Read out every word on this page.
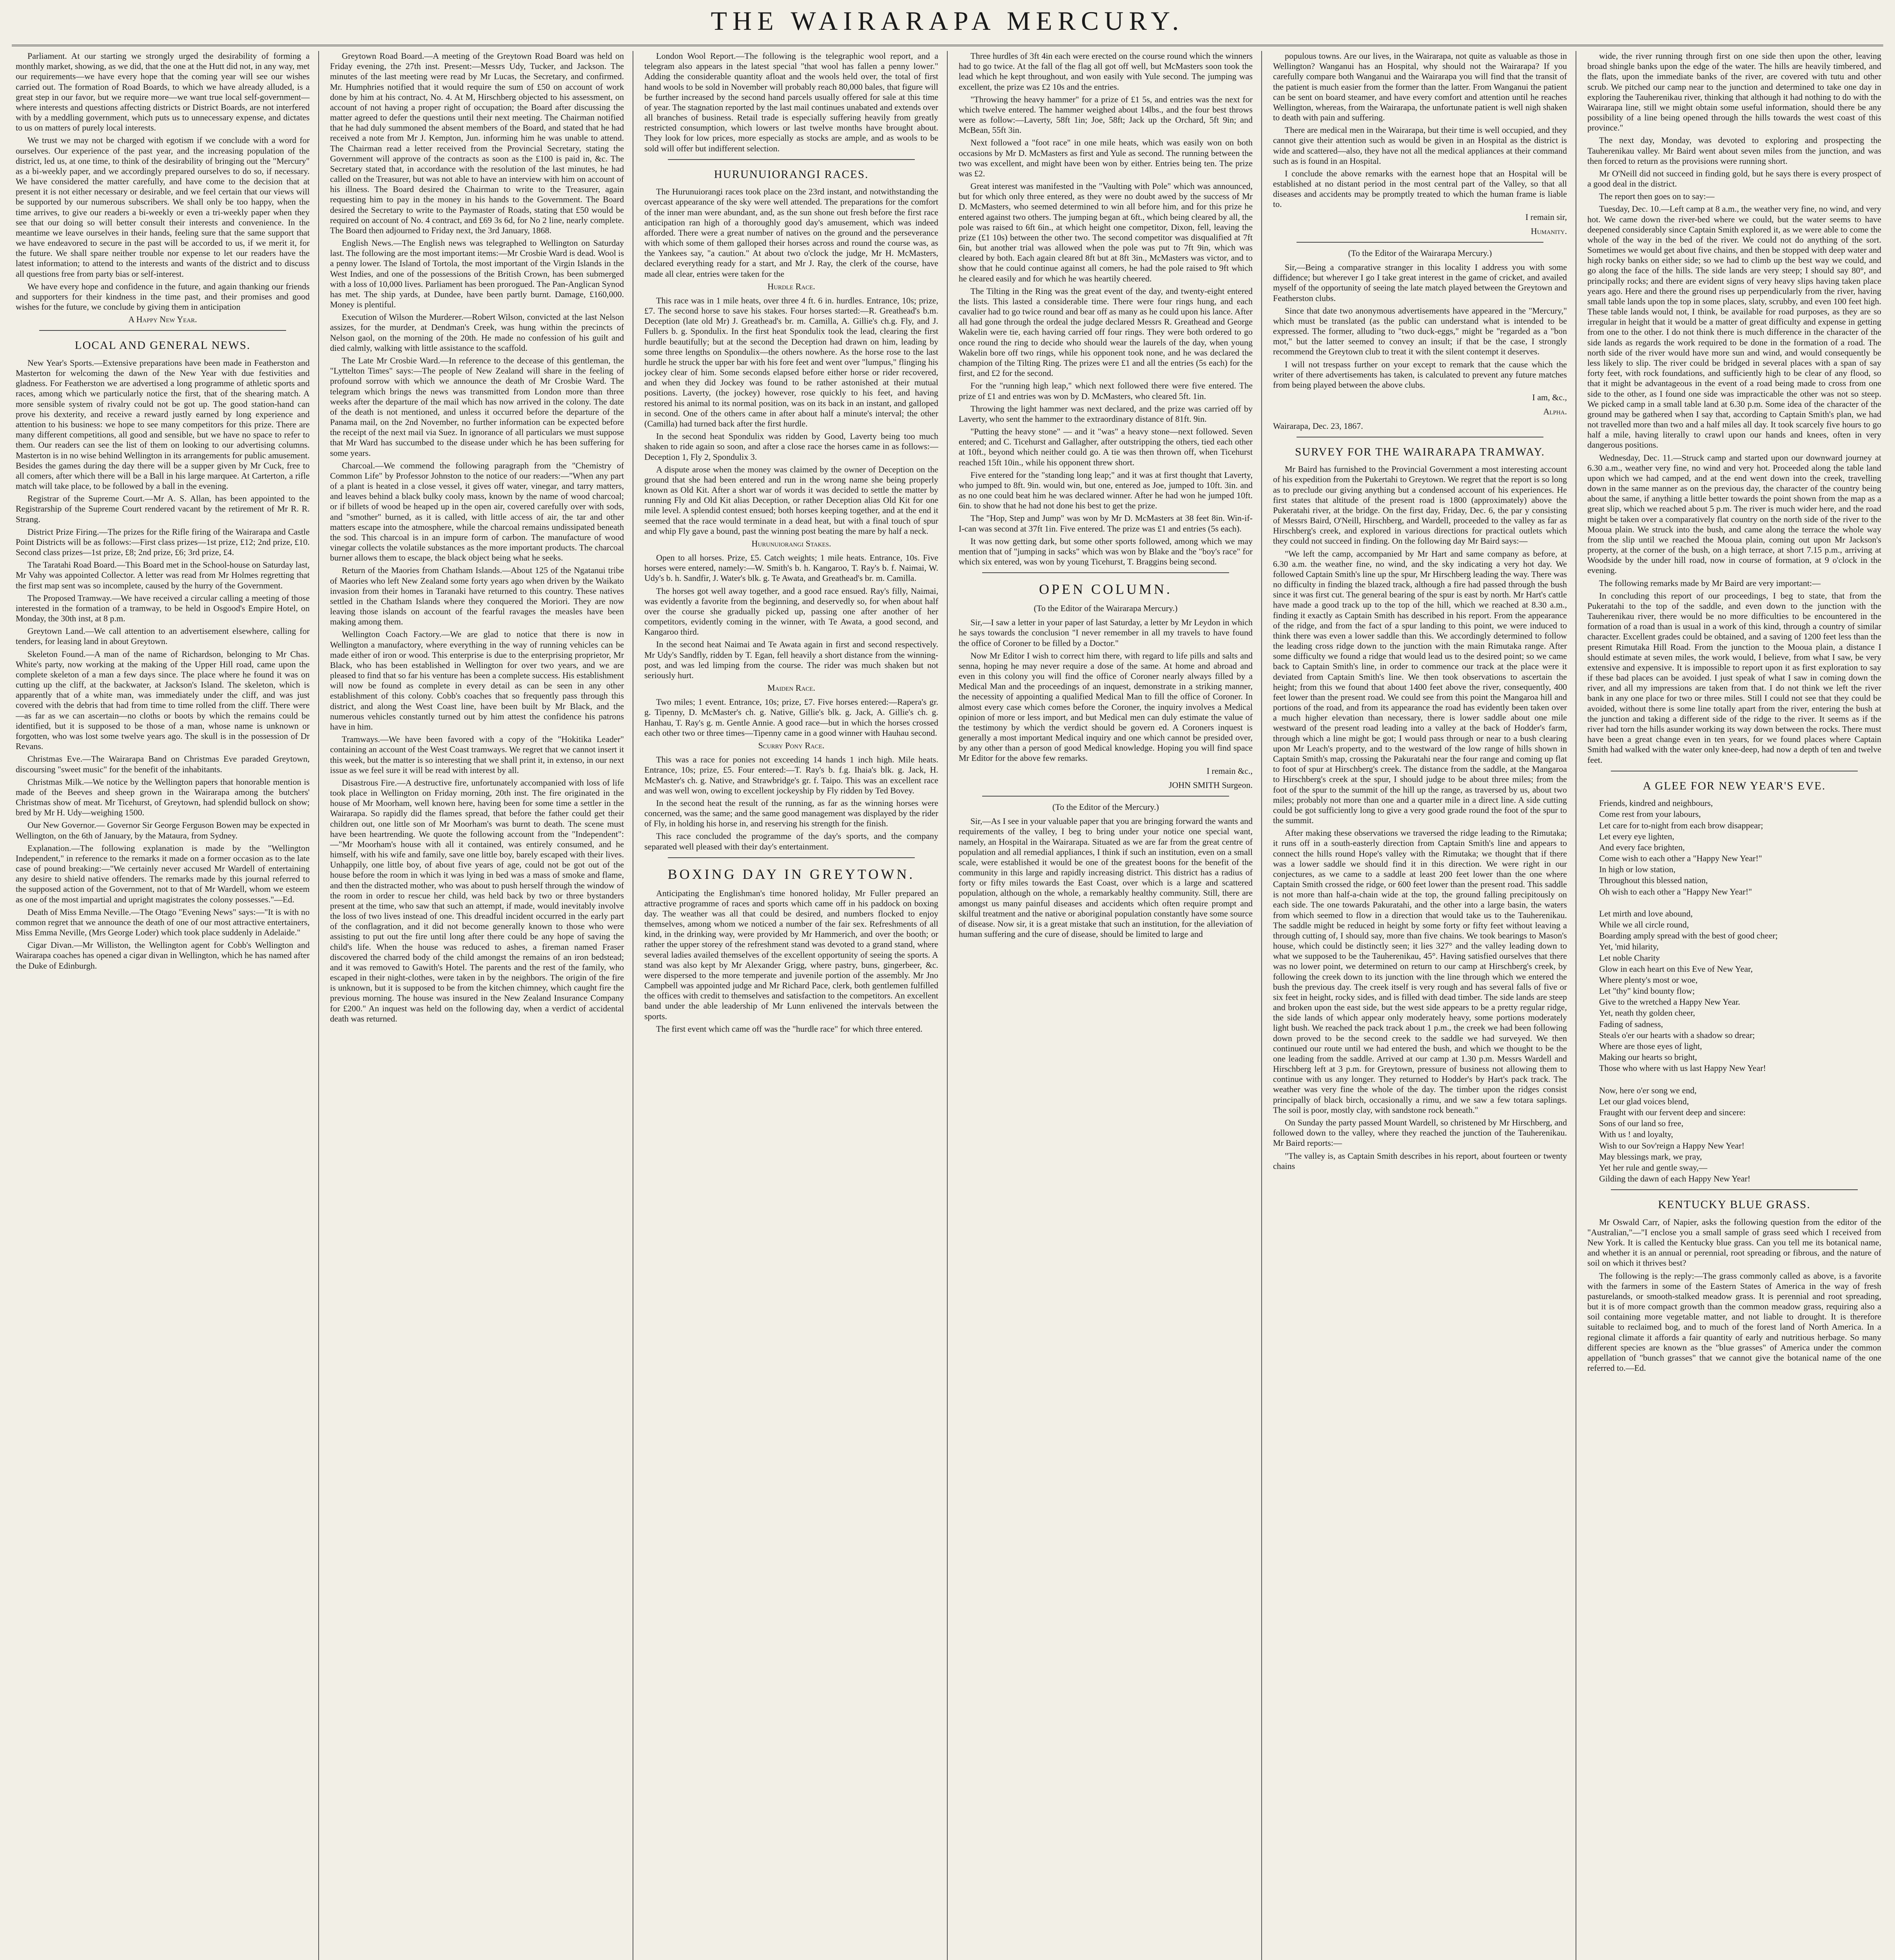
THE WAIRARAPA MERCURY.

Parliament. At our starting we strongly urged the desirability of forming a monthly market, showing, as we did, that the one at the Hutt did not, in any way, met our requirements—we have every hope that the coming year will see our wishes carried out. The formation of Road Boards, to which we have already alluded, is a great step in our favor, but we require more—we want true local self-government—where interests and questions affecting districts or District Boards, are not interfered with by a meddling government, which puts us to unnecessary expense, and dictates to us on matters of purely local interests.

We trust we may not be charged with egotism if we conclude with a word for ourselves. Our experience of the past year, and the increasing population of the district, led us, at one time, to think of the desirability of bringing out the "Mercury" as a bi-weekly paper, and we accordingly prepared ourselves to do so, if necessary. We have considered the matter carefully, and have come to the decision that at present it is not either necessary or desirable, and we feel certain that our views will be supported by our numerous subscribers. We shall only be too happy, when the time arrives, to give our readers a bi-weekly or even a tri-weekly paper when they see that our doing so will better consult their interests and convenience. In the meantime we leave ourselves in their hands, feeling sure that the same support that we have endeavored to secure in the past will be accorded to us, if we merit it, for the future. We shall spare neither trouble nor expense to let our readers have the latest information; to attend to the interests and wants of the district and to discuss all questions free from party bias or self-interest.

We have every hope and confidence in the future, and again thanking our friends and supporters for their kindness in the time past, and their promises and good wishes for the future, we conclude by giving them in anticipation

A Happy New Year.
LOCAL AND GENERAL NEWS.

New Year's Sports.—Extensive preparations have been made in Featherston and Masterton for welcoming the dawn of the New Year with due festivities and gladness. For Featherston we are advertised a long programme of athletic sports and races, among which we particularly notice the first, that of the shearing match. A more sensible system of rivalry could not be got up. The good station-hand can prove his dexterity, and receive a reward justly earned by long experience and attention to his business: we hope to see many competitors for this prize. There are many different competitions, all good and sensible, but we have no space to refer to them. Our readers can see the list of them on looking to our advertising columns. Masterton is in no wise behind Wellington in its arrangements for public amusement. Besides the games during the day there will be a supper given by Mr Cuck, free to all comers, after which there will be a Ball in his large marquee. At Carterton, a rifle match will take place, to be followed by a ball in the evening.

Registrar of the Supreme Court.—Mr A. S. Allan, has been appointed to the Registrarship of the Supreme Court rendered vacant by the retirement of Mr R. R. Strang.

District Prize Firing.—The prizes for the Rifle firing of the Wairarapa and Castle Point Districts will be as follows:—First class prizes—1st prize, £12; 2nd prize, £10. Second class prizes—1st prize, £8; 2nd prize, £6; 3rd prize, £4.

The Taratahi Road Board.—This Board met in the School-house on Saturday last, Mr Vahy was appointed Collector. A letter was read from Mr Holmes regretting that the first map sent was so incomplete, caused by the hurry of the Government.

The Proposed Tramway.—We have received a circular calling a meeting of those interested in the formation of a tramway, to be held in Osgood's Empire Hotel, on Monday, the 30th inst, at 8 p.m.

Greytown Land.—We call attention to an advertisement elsewhere, calling for tenders, for leasing land in about Greytown.

Skeleton Found.—A man of the name of Richardson, belonging to Mr Chas. White's party, now working at the making of the Upper Hill road, came upon the complete skeleton of a man a few days since. The place where he found it was on cutting up the cliff, at the backwater, at Jackson's Island. The skeleton, which is apparently that of a white man, was immediately under the cliff, and was just covered with the debris that had from time to time rolled from the cliff. There were—as far as we can ascertain—no cloths or boots by which the remains could be identified, but it is supposed to be those of a man, whose name is unknown or forgotten, who was lost some twelve years ago. The skull is in the possession of Dr Revans.

Christmas Eve.—The Wairarapa Band on Christmas Eve paraded Greytown, discoursing "sweet music" for the benefit of the inhabitants.

Christmas Milk.—We notice by the Wellington papers that honorable mention is made of the Beeves and sheep grown in the Wairarapa among the butchers' Christmas show of meat. Mr Ticehurst, of Greytown, had splendid bullock on show; bred by Mr H. Udy—weighing 1500.

Our New Governor.— Governor Sir George Ferguson Bowen may be expected in Wellington, on the 6th of January, by the Mataura, from Sydney.

Explanation.—The following explanation is made by the "Wellington Independent," in reference to the remarks it made on a former occasion as to the late case of pound breaking:—"We certainly never accused Mr Wardell of entertaining any desire to shield native offenders. The remarks made by this journal referred to the supposed action of the Government, not to that of Mr Wardell, whom we esteem as one of the most impartial and upright magistrates the colony possesses."—Ed.

Death of Miss Emma Neville.—The Otago "Evening News" says:—"It is with no common regret that we announce the death of one of our most attractive entertainers, Miss Emma Neville, (Mrs George Loder) which took place suddenly in Adelaide."

Cigar Divan.—Mr Williston, the Wellington agent for Cobb's Wellington and Wairarapa coaches has opened a cigar divan in Wellington, which he has named after the Duke of Edinburgh.

Greytown Road Board.—A meeting of the Greytown Road Board was held on Friday evening, the 27th inst. Present:—Messrs Udy, Tucker, and Jackson. The minutes of the last meeting were read by Mr Lucas, the Secretary, and confirmed. Mr. Humphries notified that it would require the sum of £50 on account of work done by him at his contract, No. 4. At M, Hirschberg objected to his assessment, on account of not having a proper right of occupation; the Board after discussing the matter agreed to defer the questions until their next meeting. The Chairman notified that he had duly summoned the absent members of the Board, and stated that he had received a note from Mr J. Kempton, Jun. informing him he was unable to attend. The Chairman read a letter received from the Provincial Secretary, stating the Government will approve of the contracts as soon as the £100 is paid in, &c. The Secretary stated that, in accordance with the resolution of the last minutes, he had called on the Treasurer, but was not able to have an interview with him on account of his illness. The Board desired the Chairman to write to the Treasurer, again requesting him to pay in the money in his hands to the Government. The Board desired the Secretary to write to the Paymaster of Roads, stating that £50 would be required on account of No. 4 contract, and £69 3s 6d, for No 2 line, nearly complete. The Board then adjourned to Friday next, the 3rd January, 1868.

English News.—The English news was telegraphed to Wellington on Saturday last. The following are the most important items:—Mr Crosbie Ward is dead. Wool is a penny lower. The Island of Tortola, the most important of the Virgin Islands in the West Indies, and one of the possessions of the British Crown, has been submerged with a loss of 10,000 lives. Parliament has been prorogued. The Pan-Anglican Synod has met. The ship yards, at Dundee, have been partly burnt. Damage, £160,000. Money is plentiful.

Execution of Wilson the Murderer.—Robert Wilson, convicted at the last Nelson assizes, for the murder, at Dendman's Creek, was hung within the precincts of Nelson gaol, on the morning of the 20th. He made no confession of his guilt and died calmly, walking with little assistance to the scaffold.

The Late Mr Crosbie Ward.—In reference to the decease of this gentleman, the "Lyttelton Times" says:—The people of New Zealand will share in the feeling of profound sorrow with which we announce the death of Mr Crosbie Ward. The telegram which brings the news was transmitted from London more than three weeks after the departure of the mail which has now arrived in the colony. The date of the death is not mentioned, and unless it occurred before the departure of the Panama mail, on the 2nd November, no further information can be expected before the receipt of the next mail via Suez. In ignorance of all particulars we must suppose that Mr Ward has succumbed to the disease under which he has been suffering for some years.

Charcoal.—We commend the following paragraph from the "Chemistry of Common Life" by Professor Johnston to the notice of our readers:—"When any part of a plant is heated in a close vessel, it gives off water, vinegar, and tarry matters, and leaves behind a black bulky cooly mass, known by the name of wood charcoal; or if billets of wood be heaped up in the open air, covered carefully over with sods, and "smother" burned, as it is called, with little access of air, the tar and other matters escape into the atmosphere, while the charcoal remains undissipated beneath the sod. This charcoal is in an impure form of carbon. The manufacture of wood vinegar collects the volatile substances as the more important products. The charcoal burner allows them to escape, the black object being what he seeks.

Return of the Maories from Chatham Islands.—About 125 of the Ngatanui tribe of Maories who left New Zealand some forty years ago when driven by the Waikato invasion from their homes in Taranaki have returned to this country. These natives settled in the Chatham Islands where they conquered the Moriori. They are now leaving those islands on account of the fearful ravages the measles have been making among them.

Wellington Coach Factory.—We are glad to notice that there is now in Wellington a manufactory, where everything in the way of running vehicles can be made either of iron or wood. This enterprise is due to the enterprising proprietor, Mr Black, who has been established in Wellington for over two years, and we are pleased to find that so far his venture has been a complete success. His establishment will now be found as complete in every detail as can be seen in any other establishment of this colony. Cobb's coaches that so frequently pass through this district, and along the West Coast line, have been built by Mr Black, and the numerous vehicles constantly turned out by him attest the confidence his patrons have in him.

Tramways.—We have been favored with a copy of the "Hokitika Leader" containing an account of the West Coast tramways. We regret that we cannot insert it this week, but the matter is so interesting that we shall print it, in extenso, in our next issue as we feel sure it will be read with interest by all.

Disastrous Fire.—A destructive fire, unfortunately accompanied with loss of life took place in Wellington on Friday morning, 20th inst. The fire originated in the house of Mr Moorham, well known here, having been for some time a settler in the Wairarapa. So rapidly did the flames spread, that before the father could get their children out, one little son of Mr Moorham's was burnt to death. The scene must have been heartrending. We quote the following account from the "Independent":—"Mr Moorham's house with all it contained, was entirely consumed, and he himself, with his wife and family, save one little boy, barely escaped with their lives. Unhappily, one little boy, of about five years of age, could not be got out of the house before the room in which it was lying in bed was a mass of smoke and flame, and then the distracted mother, who was about to push herself through the window of the room in order to rescue her child, was held back by two or three bystanders present at the time, who saw that such an attempt, if made, would inevitably involve the loss of two lives instead of one. This dreadful incident occurred in the early part of the conflagration, and it did not become generally known to those who were assisting to put out the fire until long after there could be any hope of saving the child's life. When the house was reduced to ashes, a fireman named Fraser discovered the charred body of the child amongst the remains of an iron bedstead; and it was removed to Gawith's Hotel. The parents and the rest of the family, who escaped in their night-clothes, were taken in by the neighbors. The origin of the fire is unknown, but it is supposed to be from the kitchen chimney, which caught fire the previous morning. The house was insured in the New Zealand Insurance Company for £200." An inquest was held on the following day, when a verdict of accidental death was returned.

London Wool Report.—The following is the telegraphic wool report, and a telegram also appears in the latest special "that wool has fallen a penny lower." Adding the considerable quantity afloat and the wools held over, the total of first hand wools to be sold in November will probably reach 80,000 bales, that figure will be further increased by the second hand parcels usually offered for sale at this time of year. The stagnation reported by the last mail continues unabated and extends over all branches of business. Retail trade is especially suffering heavily from greatly restricted consumption, which lowers or last twelve months have brought about. They look for low prices, more especially as stocks are ample, and as wools to be sold will offer but indifferent selection.

HURUNUIORANGI RACES.

The Hurunuiorangi races took place on the 23rd instant, and notwithstanding the overcast appearance of the sky were well attended. The preparations for the comfort of the inner man were abundant, and, as the sun shone out fresh before the first race anticipation ran high of a thoroughly good day's amusement, which was indeed afforded. There were a great number of natives on the ground and the perseverance with which some of them galloped their horses across and round the course was, as the Yankees say, "a caution." At about two o'clock the judge, Mr H. McMasters, declared everything ready for a start, and Mr J. Ray, the clerk of the course, have made all clear, entries were taken for the

Hurdle Race.

This race was in 1 mile heats, over three 4 ft. 6 in. hurdles. Entrance, 10s; prize, £7. The second horse to save his stakes. Four horses started:—R. Greathead's b.m. Deception (late old Mr) J. Greathead's br. m. Camilla, A. Gillie's ch.g. Fly, and J. Fullers b. g. Spondulix. In the first heat Spondulix took the lead, clearing the first hurdle beautifully; but at the second the Deception had drawn on him, leading by some three lengths on Spondulix—the others nowhere. As the horse rose to the last hurdle he struck the upper bar with his fore feet and went over "lumpus," flinging his jockey clear of him. Some seconds elapsed before either horse or rider recovered, and when they did Jockey was found to be rather astonished at their mutual positions. Laverty, (the jockey) however, rose quickly to his feet, and having restored his animal to its normal position, was on its back in an instant, and galloped in second. One of the others came in after about half a minute's interval; the other (Camilla) had turned back after the first hurdle.

In the second heat Spondulix was ridden by Good, Laverty being too much shaken to ride again so soon, and after a close race the horses came in as follows:—Deception 1, Fly 2, Spondulix 3.

A dispute arose when the money was claimed by the owner of Deception on the ground that she had been entered and run in the wrong name she being properly known as Old Kit. After a short war of words it was decided to settle the matter by running Fly and Old Kit alias Deception, or rather Deception alias Old Kit for one mile level. A splendid contest ensued; both horses keeping together, and at the end it seemed that the race would terminate in a dead heat, but with a final touch of spur and whip Fly gave a bound, past the winning post beating the mare by half a neck.

Hurunuiorangi Stakes.

Open to all horses. Prize, £5. Catch weights; 1 mile heats. Entrance, 10s. Five horses were entered, namely:—W. Smith's b. h. Kangaroo, T. Ray's b. f. Naimai, W. Udy's b. h. Sandfir, J. Water's blk. g. Te Awata, and Greathead's br. m. Camilla.

The horses got well away together, and a good race ensued. Ray's filly, Naimai, was evidently a favorite from the beginning, and deservedly so, for when about half over the course she gradually picked up, passing one after another of her competitors, evidently coming in the winner, with Te Awata, a good second, and Kangaroo third.

In the second heat Naimai and Te Awata again in first and second respectively. Mr Udy's Sandfly, ridden by T. Egan, fell heavily a short distance from the winning-post, and was led limping from the course. The rider was much shaken but not seriously hurt.

Maiden Race.

Two miles; 1 event. Entrance, 10s; prize, £7. Five horses entered:—Rapera's gr. g. Tipenny, D. McMaster's ch. g. Native, Gillie's blk. g. Jack, A. Gillie's ch. g. Hanhau, T. Ray's g. m. Gentle Annie. A good race—but in which the horses crossed each other two or three times—Tipenny came in a good winner with Hauhau second.

Scurry Pony Race.

This was a race for ponies not exceeding 14 hands 1 inch high. Mile heats. Entrance, 10s; prize, £5. Four entered:—T. Ray's b. f.g. Ihaia's blk. g. Jack, H. McMaster's ch. g. Native, and Strawbridge's gr. f. Taipo. This was an excellent race and was well won, owing to excellent jockeyship by Fly ridden by Ted Bovey.

In the second heat the result of the running, as far as the winning horses were concerned, was the same; and the same good management was displayed by the rider of Fly, in holding his horse in, and reserving his strength for the finish.

This race concluded the programme of the day's sports, and the company separated well pleased with their day's entertainment.

BOXING DAY IN GREYTOWN.

Anticipating the Englishman's time honored holiday, Mr Fuller prepared an attractive programme of races and sports which came off in his paddock on boxing day. The weather was all that could be desired, and numbers flocked to enjoy themselves, among whom we noticed a number of the fair sex. Refreshments of all kind, in the drinking way, were provided by Mr Hammerich, and over the booth; or rather the upper storey of the refreshment stand was devoted to a grand stand, where several ladies availed themselves of the excellent opportunity of seeing the sports. A stand was also kept by Mr Alexander Grigg, where pastry, buns, gingerbeer, &c. were dispersed to the more temperate and juvenile portion of the assembly. Mr Jno Campbell was appointed judge and Mr Richard Pace, clerk, both gentlemen fulfilled the offices with credit to themselves and satisfaction to the competitors. An excellent band under the able leadership of Mr Lunn enlivened the intervals between the sports.

The first event which came off was the "hurdle race" for which three entered.

Three hurdles of 3ft 4in each were erected on the course round which the winners had to go twice. At the fall of the flag all got off well, but McMasters soon took the lead which he kept throughout, and won easily with Yule second. The jumping was excellent, the prize was £2 10s and the entries.

"Throwing the heavy hammer" for a prize of £1 5s, and entries was the next for which twelve entered. The hammer weighed about 14lbs., and the four best throws were as follow:—Laverty, 58ft 1in; Joe, 58ft; Jack up the Orchard, 5ft 9in; and McBean, 55ft 3in.

Next followed a "foot race" in one mile heats, which was easily won on both occasions by Mr D. McMasters as first and Yule as second. The running between the two was excellent, and might have been won by either. Entries being ten. The prize was £2.

Great interest was manifested in the "Vaulting with Pole" which was announced, but for which only three entered, as they were no doubt awed by the success of Mr D. McMasters, who seemed determined to win all before him, and for this prize he entered against two others. The jumping began at 6ft., which being cleared by all, the pole was raised to 6ft 6in., at which height one competitor, Dixon, fell, leaving the prize (£1 10s) between the other two. The second competitor was disqualified at 7ft 6in, but another trial was allowed when the pole was put to 7ft 9in, which was cleared by both. Each again cleared 8ft but at 8ft 3in., McMasters was victor, and to show that he could continue against all comers, he had the pole raised to 9ft which he cleared easily and for which he was heartily cheered.

The Tilting in the Ring was the great event of the day, and twenty-eight entered the lists. This lasted a considerable time. There were four rings hung, and each cavalier had to go twice round and bear off as many as he could upon his lance. After all had gone through the ordeal the judge declared Messrs R. Greathead and George Wakelin were tie, each having carried off four rings. They were both ordered to go once round the ring to decide who should wear the laurels of the day, when young Wakelin bore off two rings, while his opponent took none, and he was declared the champion of the Tilting Ring. The prizes were £1 and all the entries (5s each) for the first, and £2 for the second.

For the "running high leap," which next followed there were five entered. The prize of £1 and entries was won by D. McMasters, who cleared 5ft. 1in.

Throwing the light hammer was next declared, and the prize was carried off by Laverty, who sent the hammer to the extraordinary distance of 81ft. 9in.

"Putting the heavy stone" — and it "was" a heavy stone—next followed. Seven entered; and C. Ticehurst and Gallagher, after outstripping the others, tied each other at 10ft., beyond which neither could go. A tie was then thrown off, when Ticehurst reached 15ft 10in., while his opponent threw short.

Five entered for the "standing long leap;" and it was at first thought that Laverty, who jumped to 8ft. 9in. would win, but one, entered as Joe, jumped to 10ft. 3in. and as no one could beat him he was declared winner. After he had won he jumped 10ft. 6in. to show that he had not done his best to get the prize.

The "Hop, Step and Jump" was won by Mr D. McMasters at 38 feet 8in. Win-if-I-can was second at 37ft 1in. Five entered. The prize was £1 and entries (5s each).

It was now getting dark, but some other sports followed, among which we may mention that of "jumping in sacks" which was won by Blake and the "boy's race" for which six entered, was won by young Ticehurst, T. Braggins being second.

OPEN COLUMN.
(To the Editor of the Wairarapa Mercury.)

Sir,—I saw a letter in your paper of last Saturday, a letter by Mr Leydon in which he says towards the conclusion "I never remember in all my travels to have found the office of Coroner to be filled by a Doctor."

Now Mr Editor I wish to correct him there, with regard to life pills and salts and senna, hoping he may never require a dose of the same. At home and abroad and even in this colony you will find the office of Coroner nearly always filled by a Medical Man and the proceedings of an inquest, demonstrate in a striking manner, the necessity of appointing a qualified Medical Man to fill the office of Coroner. In almost every case which comes before the Coroner, the inquiry involves a Medical opinion of more or less import, and but Medical men can duly estimate the value of the testimony by which the verdict should be govern ed. A Coroners inquest is generally a most important Medical inquiry and one which cannot be presided over, by any other than a person of good Medical knowledge. Hoping you will find space Mr Editor for the above few remarks.

I remain &c.,
JOHN SMITH Surgeon.
(To the Editor of the Mercury.)

Sir,—As I see in your valuable paper that you are bringing forward the wants and requirements of the valley, I beg to bring under your notice one special want, namely, an Hospital in the Wairarapa. Situated as we are far from the great centre of population and all remedial appliances, I think if such an institution, even on a small scale, were established it would be one of the greatest boons for the benefit of the community in this large and rapidly increasing district. This district has a radius of forty or fifty miles towards the East Coast, over which is a large and scattered population, although on the whole, a remarkably healthy community. Still, there are amongst us many painful diseases and accidents which often require prompt and skilful treatment and the native or aboriginal population constantly have some source of disease. Now sir, it is a great mistake that such an institution, for the alleviation of human suffering and the cure of disease, should be limited to large and

populous towns. Are our lives, in the Wairarapa, not quite as valuable as those in Wellington? Wanganui has an Hospital, why should not the Wairarapa? If you carefully compare both Wanganui and the Wairarapa you will find that the transit of the patient is much easier from the former than the latter. From Wanganui the patient can be sent on board steamer, and have every comfort and attention until he reaches Wellington, whereas, from the Wairarapa, the unfortunate patient is well nigh shaken to death with pain and suffering.

There are medical men in the Wairarapa, but their time is well occupied, and they cannot give their attention such as would be given in an Hospital as the district is wide and scattered—also, they have not all the medical appliances at their command such as is found in an Hospital.

I conclude the above remarks with the earnest hope that an Hospital will be established at no distant period in the most central part of the Valley, so that all diseases and accidents may be promptly treated to which the human frame is liable to.

I remain sir,
Humanity.
(To the Editor of the Wairarapa Mercury.)

Sir,—Being a comparative stranger in this locality I address you with some diffidence; but wherever I go I take great interest in the game of cricket, and availed myself of the opportunity of seeing the late match played between the Greytown and Featherston clubs.

Since that date two anonymous advertisements have appeared in the "Mercury," which must be translated (as the public can understand what is intended to be expressed. The former, alluding to "two duck-eggs," might be "regarded as a "bon mot," but the latter seemed to convey an insult; if that be the case, I strongly recommend the Greytown club to treat it with the silent contempt it deserves.

I will not trespass further on your except to remark that the cause which the writer of there advertisements has taken, is calculated to prevent any future matches from being played between the above clubs.

I am, &c.,
Alpha.
Wairarapa, Dec. 23, 1867.
SURVEY FOR THE WAIRARAPA TRAMWAY.

Mr Baird has furnished to the Provincial Government a most interesting account of his expedition from the Pukertahi to Greytown. We regret that the report is so long as to preclude our giving anything but a condensed account of his experiences. He first states that altitude of the present road is 1800 (approximately) above the Pukeratahi river, at the bridge. On the first day, Friday, Dec. 6, the par y consisting of Messrs Baird, O'Neill, Hirschberg, and Wardell, proceeded to the valley as far as Hirschberg's creek, and explored in various directions for practical outlets which they could not succeed in finding. On the following day Mr Baird says:—

"We left the camp, accompanied by Mr Hart and same company as before, at 6.30 a.m. the weather fine, no wind, and the sky indicating a very hot day. We followed Captain Smith's line up the spur, Mr Hirschberg leading the way. There was no difficulty in finding the blazed track, although a fire had passed through the bush since it was first cut. The general bearing of the spur is east by north. Mr Hart's cattle have made a good track up to the top of the hill, which we reached at 8.30 a.m., finding it exactly as Captain Smith has described in his report. From the appearance of the ridge, and from the fact of a spur landing to this point, we were induced to think there was even a lower saddle than this. We accordingly determined to follow the leading cross ridge down to the junction with the main Rimutaka range. After some difficulty we found a ridge that would lead us to the desired point; so we came back to Captain Smith's line, in order to commence our track at the place were it deviated from Captain Smith's line. We then took observations to ascertain the height; from this we found that about 1400 feet above the river, consequently, 400 feet lower than the present road. We could see from this point the Mangaroa hill and portions of the road, and from its appearance the road has evidently been taken over a much higher elevation than necessary, there is lower saddle about one mile westward of the present road leading into a valley at the back of Hodder's farm, through which a line might be got; I would pass through or near to a bush clearing upon Mr Leach's property, and to the westward of the low range of hills shown in Captain Smith's map, crossing the Pakuratahi near the four range and coming up flat to foot of spur at Hirschberg's creek. The distance from the saddle, at the Mangaroa to Hirschberg's creek at the spur, I should judge to be about three miles; from the foot of the spur to the summit of the hill up the range, as traversed by us, about two miles; probably not more than one and a quarter mile in a direct line. A side cutting could be got sufficiently long to give a very good grade round the foot of the spur to the summit.

After making these observations we traversed the ridge leading to the Rimutaka; it runs off in a south-easterly direction from Captain Smith's line and appears to connect the hills round Hope's valley with the Rimutaka; we thought that if there was a lower saddle we should find it in this direction. We were right in our conjectures, as we came to a saddle at least 200 feet lower than the one where Captain Smith crossed the ridge, or 600 feet lower than the present road. This saddle is not more than half-a-chain wide at the top, the ground falling precipitously on each side. The one towards Pakuratahi, and the other into a large basin, the waters from which seemed to flow in a direction that would take us to the Tauherenikau. The saddle might be reduced in height by some forty or fifty feet without leaving a through cutting of, I should say, more than five chains. We took bearings to Mason's house, which could be distinctly seen; it lies 327° and the valley leading down to what we supposed to be the Tauherenikau, 45°. Having satisfied ourselves that there was no lower point, we determined on return to our camp at Hirschberg's creek, by following the creek down to its junction with the line through which we entered the bush the previous day. The creek itself is very rough and has several falls of five or six feet in height, rocky sides, and is filled with dead timber. The side lands are steep and broken upon the east side, but the west side appears to be a pretty regular ridge, the side lands of which appear only moderately heavy, some portions moderately light bush. We reached the pack track about 1 p.m., the creek we had been following down proved to be the second creek to the saddle we had surveyed. We then continued our route until we had entered the bush, and which we thought to be the one leading from the saddle. Arrived at our camp at 1.30 p.m. Messrs Wardell and Hirschberg left at 3 p.m. for Greytown, pressure of business not allowing them to continue with us any longer. They returned to Hodder's by Hart's pack track. The weather was very fine the whole of the day. The timber upon the ridges consist principally of black birch, occasionally a rimu, and we saw a few totara saplings. The soil is poor, mostly clay, with sandstone rock beneath."

On Sunday the party passed Mount Wardell, so christened by Mr Hirschberg, and followed down to the valley, where they reached the junction of the Tauherenikau. Mr Baird reports:—

"The valley is, as Captain Smith describes in his report, about fourteen or twenty chains

wide, the river running through first on one side then upon the other, leaving broad shingle banks upon the edge of the water. The hills are heavily timbered, and the flats, upon the immediate banks of the river, are covered with tutu and other scrub. We pitched our camp near to the junction and determined to take one day in exploring the Tauherenikau river, thinking that although it had nothing to do with the Wairarapa line, still we might obtain some useful information, should there be any possibility of a line being opened through the hills towards the west coast of this province."

The next day, Monday, was devoted to exploring and prospecting the Tauherenikau valley. Mr Baird went about seven miles from the junction, and was then forced to return as the provisions were running short.

Mr O'Neill did not succeed in finding gold, but he says there is every prospect of a good deal in the district.

The report then goes on to say:—

Tuesday, Dec. 10.—Left camp at 8 a.m., the weather very fine, no wind, and very hot. We came down the river-bed where we could, but the water seems to have deepened considerably since Captain Smith explored it, as we were able to come the whole of the way in the bed of the river. We could not do anything of the sort. Sometimes we would get about five chains, and then be stopped with deep water and high rocky banks on either side; so we had to climb up the best way we could, and go along the face of the hills. The side lands are very steep; I should say 80°, and principally rocks; and there are evident signs of very heavy slips having taken place years ago. Here and there the ground rises up perpendicularly from the river, having small table lands upon the top in some places, slaty, scrubby, and even 100 feet high. These table lands would not, I think, be available for road purposes, as they are so irregular in height that it would be a matter of great difficulty and expense in getting from one to the other. I do not think there is much difference in the character of the side lands as regards the work required to be done in the formation of a road. The north side of the river would have more sun and wind, and would consequently be less likely to slip. The river could be bridged in several places with a span of say forty feet, with rock foundations, and sufficiently high to be clear of any flood, so that it might be advantageous in the event of a road being made to cross from one side to the other, as I found one side was impracticable the other was not so steep. We picked camp in a small table land at 6.30 p.m. Some idea of the character of the ground may be gathered when I say that, according to Captain Smith's plan, we had not travelled more than two and a half miles all day. It took scarcely five hours to go half a mile, having literally to crawl upon our hands and knees, often in very dangerous positions.

Wednesday, Dec. 11.—Struck camp and started upon our downward journey at 6.30 a.m., weather very fine, no wind and very hot. Proceeded along the table land upon which we had camped, and at the end went down into the creek, travelling down in the same manner as on the previous day, the character of the country being about the same, if anything a little better towards the point shown from the map as a great slip, which we reached about 5 p.m. The river is much wider here, and the road might be taken over a comparatively flat country on the north side of the river to the Mooua plain. We struck into the bush, and came along the terrace the whole way from the slip until we reached the Mooua plain, coming out upon Mr Jackson's property, at the corner of the bush, on a high terrace, at short 7.15 p.m., arriving at Woodside by the under hill road, now in course of formation, at 9 o'clock in the evening.

The following remarks made by Mr Baird are very important:—

In concluding this report of our proceedings, I beg to state, that from the Pukeratahi to the top of the saddle, and even down to the junction with the Tauherenikau river, there would be no more difficulties to be encountered in the formation of a road than is usual in a work of this kind, through a country of similar character. Excellent grades could be obtained, and a saving of 1200 feet less than the present Rimutaka Hill Road. From the junction to the Mooua plain, a distance I should estimate at seven miles, the work would, I believe, from what I saw, be very extensive and expensive. It is impossible to report upon it as first exploration to say if these bad places can be avoided. I just speak of what I saw in coming down the river, and all my impressions are taken from that. I do not think we left the river bank in any one place for two or three miles. Still I could not see that they could be avoided, without there is some line totally apart from the river, entering the bush at the junction and taking a different side of the ridge to the river. It seems as if the river had torn the hills asunder working its way down between the rocks. There must have been a great change even in ten years, for we found places where Captain Smith had walked with the water only knee-deep, had now a depth of ten and twelve feet.

A GLEE FOR NEW YEAR'S EVE.

Friends, kindred and neighbours,

Come rest from your labours,

Let care for to-night from each brow disappear;

Let every eye lighten,

And every face brighten,

Come wish to each other a "Happy New Year!"

In high or low station,

Throughout this blessed nation,

Oh wish to each other a "Happy New Year!"

Let mirth and love abound,

While we all circle round,

Boarding amply spread with the best of good cheer;

Yet, 'mid hilarity,

Let noble Charity

Glow in each heart on this Eve of New Year,

Where plenty's most or woe,

Let "thy" kind bounty flow;

Give to the wretched a Happy New Year.

Yet, neath thy golden cheer,

Fading of sadness,

Steals o'er our hearts with a shadow so drear;

Where are those eyes of light,

Making our hearts so bright,

Those who where with us last Happy New Year!

Now, here o'er song we end,

Let our glad voices blend,

Fraught with our fervent deep and sincere:

Sons of our land so free,

With us ! and loyalty,

Wish to our Sov'reign a Happy New Year!

May blessings mark, we pray,

Yet her rule and gentle sway,—

Gilding the dawn of each Happy New Year!

KENTUCKY BLUE GRASS.

Mr Oswald Carr, of Napier, asks the following question from the editor of the "Australian,"—"I enclose you a small sample of grass seed which I received from New York. It is called the Kentucky blue grass. Can you tell me its botanical name, and whether it is an annual or perennial, root spreading or fibrous, and the nature of soil on which it thrives best?

The following is the reply:—The grass commonly called as above, is a favorite with the farmers in some of the Eastern States of America in the way of fresh pasturelands, or smooth-stalked meadow grass. It is perennial and root spreading, but it is of more compact growth than the common meadow grass, requiring also a soil containing more vegetable matter, and not liable to drought. It is therefore suitable to reclaimed bog, and to much of the forest land of North America. In a regional climate it affords a fair quantity of early and nutritious herbage. So many different species are known as the "blue grasses" of America under the common appellation of "bunch grasses" that we cannot give the botanical name of the one referred to.—Ed.
